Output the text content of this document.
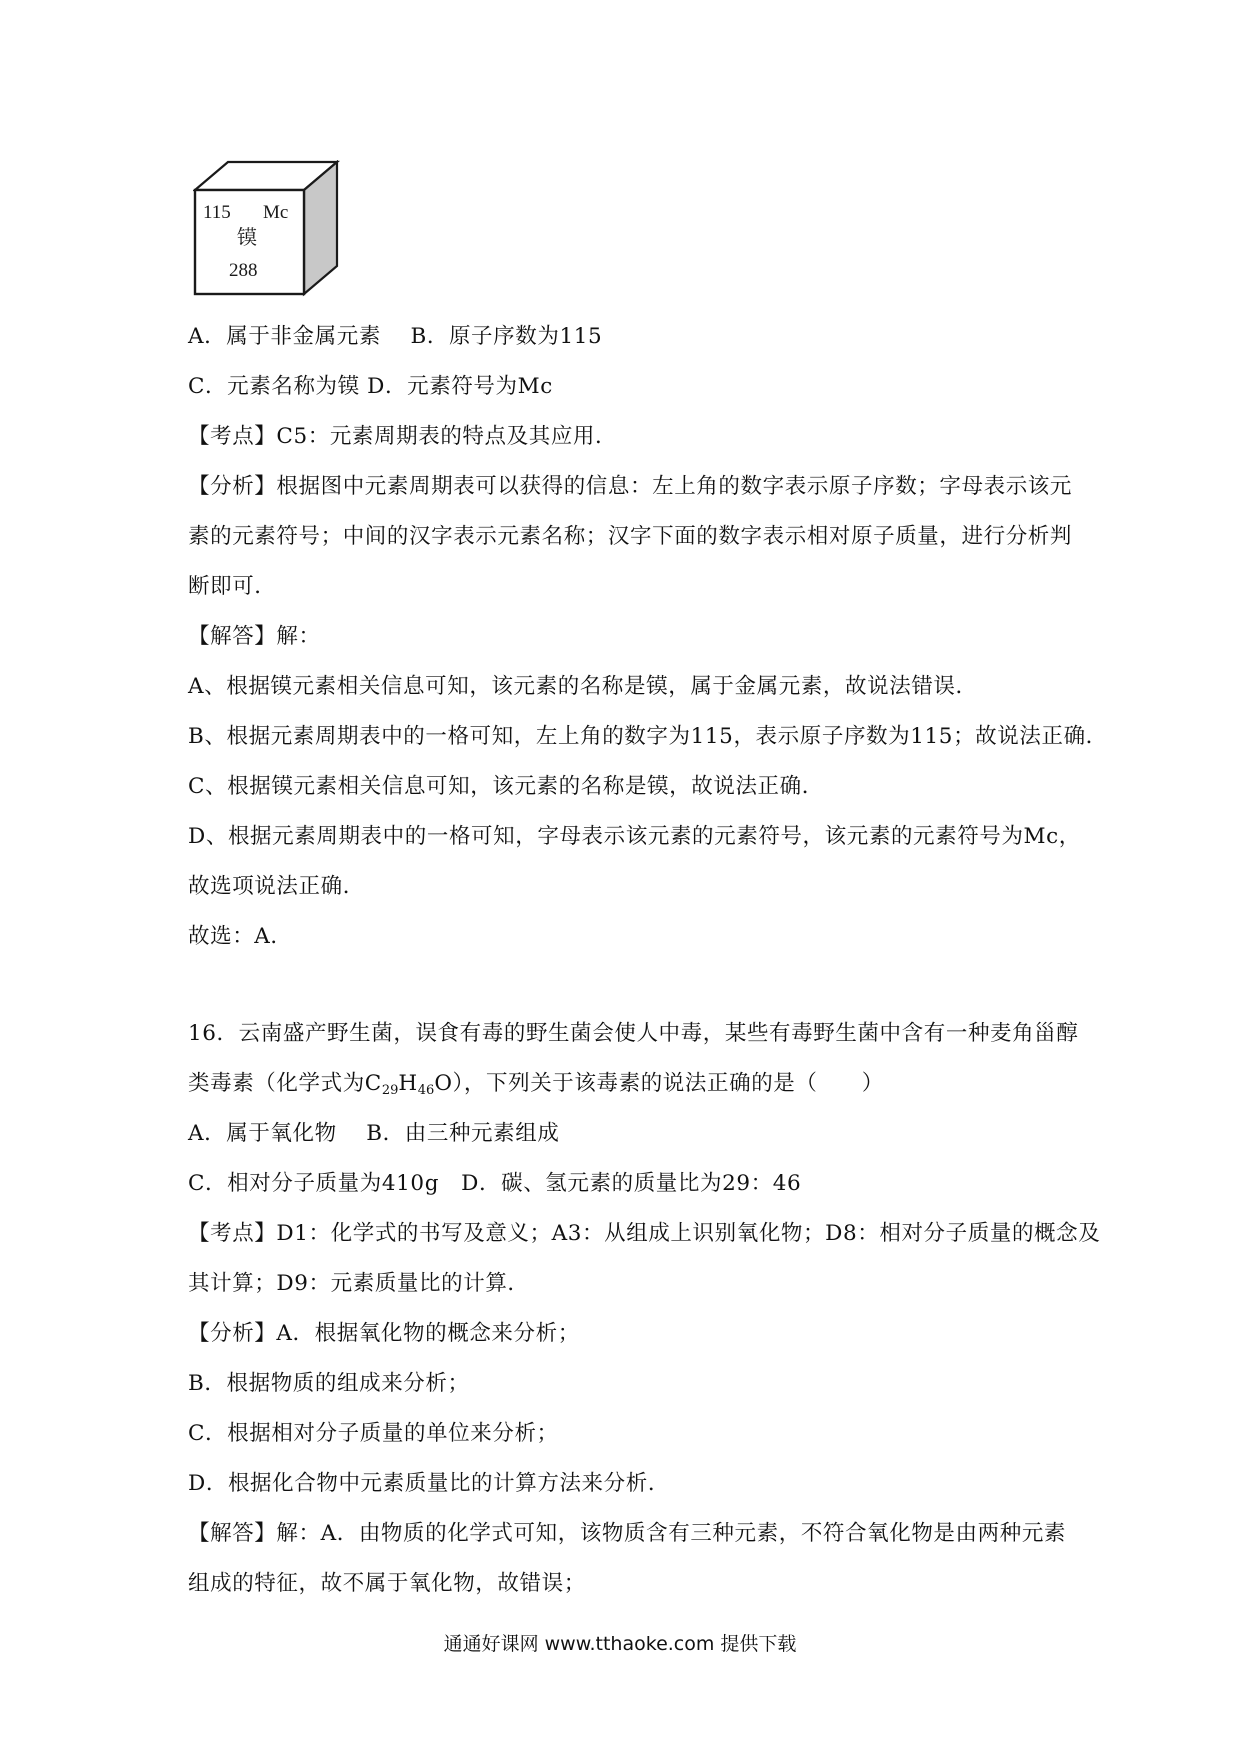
115 Mc
镆
288
A．属于非金属元素　 B．原子序数为115
C．元素名称为镆 D．元素符号为Mc
【考点】C5：元素周期表的特点及其应用．
【分析】根据图中元素周期表可以获得的信息：左上角的数字表示原子序数；字母表示该元
素的元素符号；中间的汉字表示元素名称；汉字下面的数字表示相对原子质量，进行分析判
断即可．
【解答】解：
A、根据镆元素相关信息可知，该元素的名称是镆，属于金属元素，故说法错误．
B、根据元素周期表中的一格可知，左上角的数字为115，表示原子序数为115；故说法正确．
C、根据镆元素相关信息可知，该元素的名称是镆，故说法正确．
D、根据元素周期表中的一格可知，字母表示该元素的元素符号，该元素的元素符号为Mc，
故选项说法正确．
故选：A．
16．云南盛产野生菌，误食有毒的野生菌会使人中毒，某些有毒野生菌中含有一种麦角甾醇
类毒素（化学式为$C_{29}H_{46}O$），下列关于该毒素的说法正确的是（　　）
A．属于氧化物　 B．由三种元素组成
C．相对分子质量为410g　D．碳、氢元素的质量比为29：46
【考点】D1：化学式的书写及意义；A3：从组成上识别氧化物；D8：相对分子质量的概念及
其计算；D9：元素质量比的计算．
【分析】A．根据氧化物的概念来分析；
B．根据物质的组成来分析；
C．根据相对分子质量的单位来分析；
D．根据化合物中元素质量比的计算方法来分析．
【解答】解：A．由物质的化学式可知，该物质含有三种元素，不符合氧化物是由两种元素
组成的特征，故不属于氧化物，故错误；
通通好课网 www.tthaoke.com 提供下载
